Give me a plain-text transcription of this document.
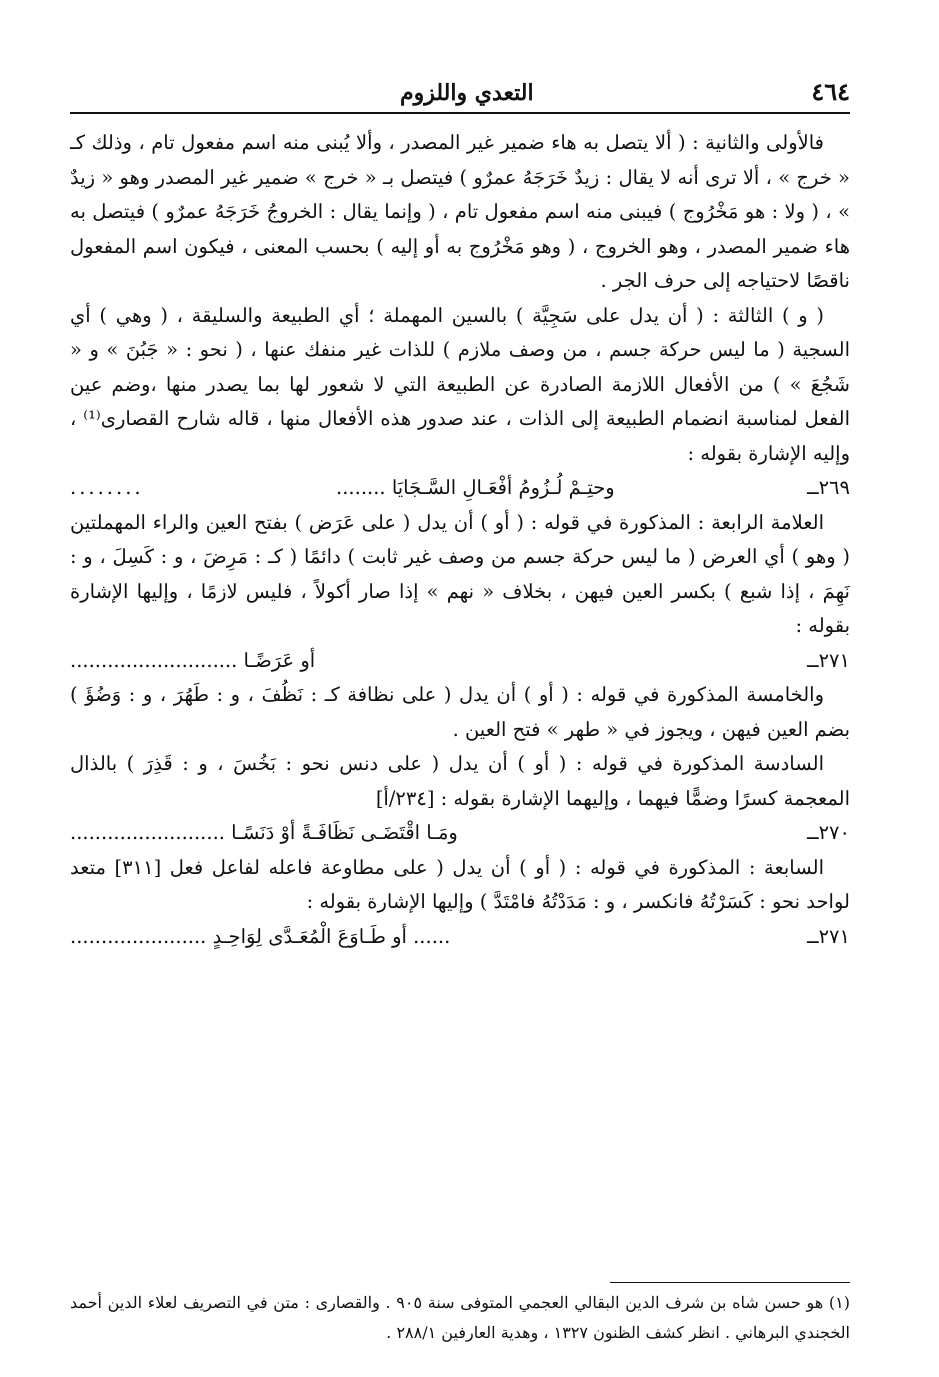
٤٦٤
التعدي واللزوم

فالأولى والثانية : ( ألا يتصل به هاء ضمير غير المصدر ، وألا يُبنى منه اسم مفعول تام ، وذلك كـ « خرج » ، ألا ترى أنه لا يقال : زيدٌ خَرَجَهُ عمرٌو ) فيتصل بـ « خرج » ضمير غير المصدر وهو « زيدٌ » ، ( ولا : هو مَخْرُوج ) فيبنى منه اسم مفعول تام ، ( وإنما يقال : الخروجُ خَرَجَهُ عمرٌو ) فيتصل به هاء ضمير المصدر ، وهو الخروج ، ( وهو مَخْرُوج به أو إليه ) بحسب المعنى ، فيكون اسم المفعول ناقصًا لاحتياجه إلى حرف الجر .

( و ) الثالثة : ( أن يدل على سَجِيَّة ) بالسين المهملة ؛ أي الطبيعة والسليقة ، ( وهي ) أي السجية ( ما ليس حركة جسم ، من وصف ملازم ) للذات غير منفك عنها ، ( نحو : « جَبُنَ » و « شَجُعَ » ) من الأفعال اللازمة الصادرة عن الطبيعة التي لا شعور لها بما يصدر منها ،وضم عين الفعل لمناسبة انضمام الطبيعة إلى الذات ، عند صدور هذه الأفعال منها ، قاله شارح القصارى⁽¹⁾ ، وإليه الإشارة بقوله :

٢٦٩ــ
وحتِـمْ لُـزُومُ أفْعَـالِ السَّـجَايَا ........
........

العلامة الرابعة : المذكورة في قوله : ( أو ) أن يدل ( على عَرَض ) بفتح العين والراء المهملتين ( وهو ) أي العرض ( ما ليس حركة جسم من وصف غير ثابت ) دائمًا ( كـ : مَرِضَ ، و : كَسِلَ ، و : نَهِمَ ، إذا شبع ) بكسر العين فيهن ، بخلاف « نهم » إذا صار أكولاً ، فليس لازمًا ، وإليها الإشارة بقوله :

٢٧١ــ
أو عَرَضًـا ...........................

والخامسة المذكورة في قوله : ( أو ) أن يدل ( على نظافة كـ : نَظُفَ ، و : طَهُرَ ، و : وَضُؤَ ) بضم العين فيهن ، ويجوز في « طهر » فتح العين .

السادسة المذكورة في قوله : ( أو ) أن يدل ( على دنس نحو : بَخُسَ ، و : قَذِرَ ) بالذال المعجمة كسرًا وضمًّا فيهما ، وإليهما الإشارة بقوله : [٢٣٤/أ]

٢٧٠ــ
ومَـا اقْتَضَـى نَظَافَـةً أوْ دَنَسًـا .........................

السابعة : المذكورة في قوله : ( أو ) أن يدل ( على مطاوعة فاعله لفاعل فعل [٣١١] متعد لواحد نحو : كَسَرْتُهُ فانكسر ، و : مَدَدْتُهُ فامْتَدَّ ) وإليها الإشارة بقوله :

٢٧١ــ
...... أو طَـاوَعَ الْمُعَـدَّى لِوَاحِـدٍ ......................

(١) هو حسن شاه بن شرف الدين البقالي العجمي المتوفى سنة ٩٠٥ . والقصارى : متن في التصريف لعلاء الدين أحمد الخجندي البرهاني . انظر كشف الظنون ١٣٢٧ ، وهدية العارفين ٢٨٨/١ .
